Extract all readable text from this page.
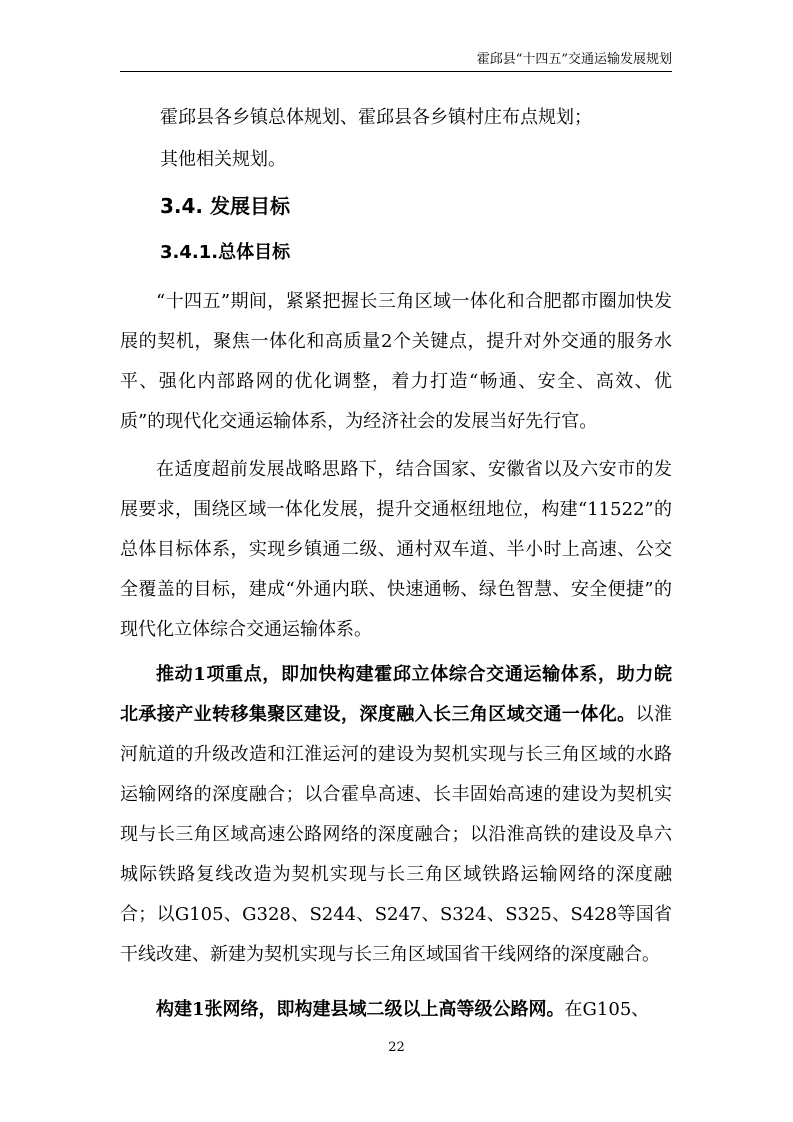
霍邱县“十四五”交通运输发展规划
霍邱县各乡镇总体规划、霍邱县各乡镇村庄布点规划；
其他相关规划。
3.4. 发展目标
3.4.1.总体目标

“十四五”期间，紧紧把握长三角区域一体化和合肥都市圈加快发展的契机，聚焦一体化和高质量2个关键点，提升对外交通的服务水平、强化内部路网的优化调整，着力打造“畅通、安全、高效、优质”的现代化交通运输体系，为经济社会的发展当好先行官。

在适度超前发展战略思路下，结合国家、安徽省以及六安市的发展要求，围绕区域一体化发展，提升交通枢纽地位，构建“11522”的总体目标体系，实现乡镇通二级、通村双车道、半小时上高速、公交全覆盖的目标，建成“外通内联、快速通畅、绿色智慧、安全便捷”的现代化立体综合交通运输体系。

推动1项重点，即加快构建霍邱立体综合交通运输体系，助力皖北承接产业转移集聚区建设，深度融入长三角区域交通一体化。以淮河航道的升级改造和江淮运河的建设为契机实现与长三角区域的水路运输网络的深度融合；以合霍阜高速、长丰固始高速的建设为契机实现与长三角区域高速公路网络的深度融合；以沿淮高铁的建设及阜六城际铁路复线改造为契机实现与长三角区域铁路运输网络的深度融合；以G105、G328、S244、S247、S324、S325、S428等国省干线改建、新建为契机实现与长三角区域国省干线网络的深度融合。

构建1张网络，即构建县域二级以上高等级公路网。在G105、

22
